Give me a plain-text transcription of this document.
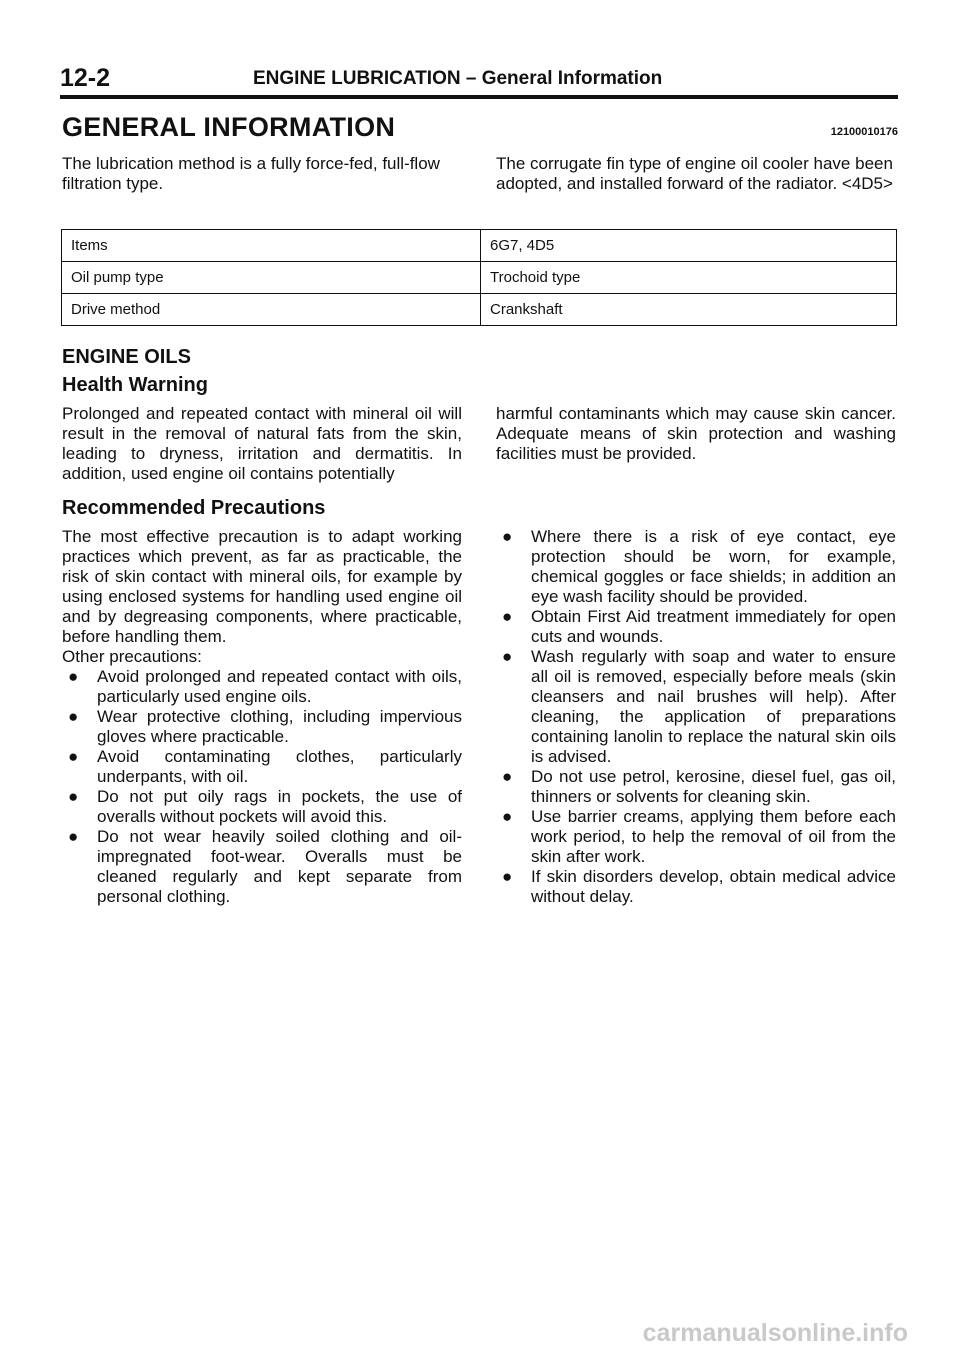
12-2	ENGINE LUBRICATION – General Information
GENERAL INFORMATION	12100010176

The lubrication method is a fully force-fed, full-flow filtration type.

The corrugate fin type of engine oil cooler have been adopted, and installed forward of the radiator. <4D5>

Items	6G7, 4D5
Oil pump type	Trochoid type
Drive method	Crankshaft
ENGINE OILS
Health Warning

Prolonged and repeated contact with mineral oil will result in the removal of natural fats from the skin, leading to dryness, irritation and dermatitis. In addition, used engine oil contains potentially

harmful contaminants which may cause skin cancer. Adequate means of skin protection and washing facilities must be provided.

Recommended Precautions

The most effective precaution is to adapt working practices which prevent, as far as practicable, the risk of skin contact with mineral oils, for example by using enclosed systems for handling used engine oil and by degreasing components, where practicable, before handling them.

Other precautions:

● Avoid prolonged and repeated contact with oils, particularly used engine oils.
● Wear protective clothing, including impervious gloves where practicable.
● Avoid contaminating clothes, particularly underpants, with oil.
● Do not put oily rags in pockets, the use of overalls without pockets will avoid this.
● Do not wear heavily soiled clothing and oil-impregnated foot-wear. Overalls must be cleaned regularly and kept separate from personal clothing.
● Where there is a risk of eye contact, eye protection should be worn, for example, chemical goggles or face shields; in addition an eye wash facility should be provided.
● Obtain First Aid treatment immediately for open cuts and wounds.
● Wash regularly with soap and water to ensure all oil is removed, especially before meals (skin cleansers and nail brushes will help). After cleaning, the application of preparations containing lanolin to replace the natural skin oils is advised.
● Do not use petrol, kerosine, diesel fuel, gas oil, thinners or solvents for cleaning skin.
● Use barrier creams, applying them before each work period, to help the removal of oil from the skin after work.
● If skin disorders develop, obtain medical advice without delay.
carmanualsonline.info
